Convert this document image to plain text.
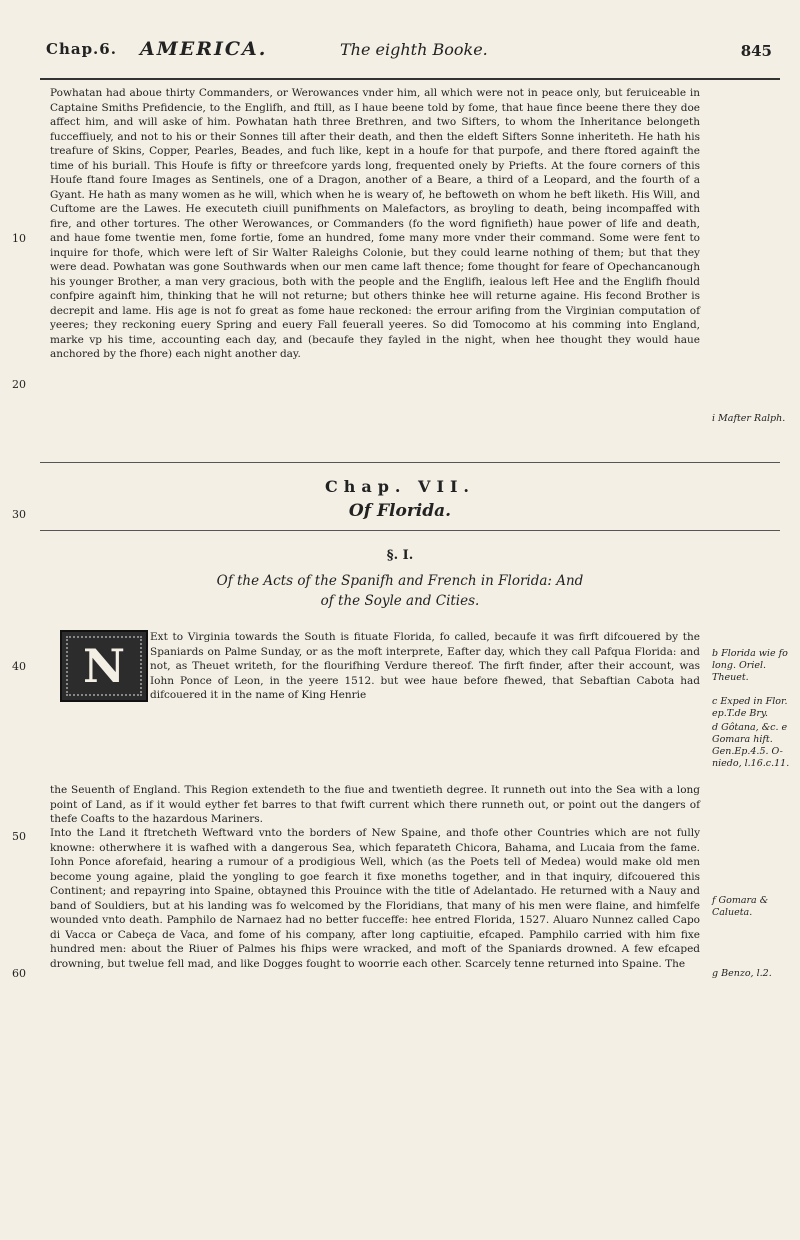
Chap.6. AMERICA.	The eighth Booke.	845
10
20
30
40
50
60
Powhatan had aboue thirty Commanders, or Werowances vnder him, all which were not in peace only, but feruiceable in Captaine Smiths Prefidencie, to the Englifh, and ftill, as I haue beene told by fome, that haue fince beene there they doe affect him, and will aske of him. Powhatan hath three Brethren, and two Sifters, to whom the Inheritance belongeth fucceffiuely, and not to his or their Sonnes till after their death, and then the eldeft Sifters Sonne inheriteth. He hath his treafure of Skins, Copper, Pearles, Beades, and fuch like, kept in a houfe for that purpofe, and there ftored againft the time of his buriall. This Houfe is fifty or threefcore yards long, frequented onely by Priefts. At the foure corners of this Houfe ftand foure Images as Sentinels, one of a Dragon, another of a Beare, a third of a Leopard, and the fourth of a Gyant. He hath as many women as he will, which when he is weary of, he beftoweth on whom he beft liketh. His Will, and Cuftome are the Lawes. He executeth ciuill punifhments on Malefactors, as broyling to death, being incompaffed with fire, and other tortures. The other Werowances, or Commanders (fo the word fignifieth) haue power of life and death, and haue fome twentie men, fome fortie, fome an hundred, fome many more vnder their command. Some were fent to inquire for thofe, which were left of Sir Walter Raleighs Colonie, but they could learne nothing of them; but that they were dead. Powhatan was gone Southwards when our men came laft thence; fome thought for feare of Opechancanough his younger Brother, a man very gracious, both with the people and the Englifh, iealous left Hee and the Englifh fhould confpire againft him, thinking that he will not returne; but others thinke hee will returne againe. His fecond Brother is decrepit and lame. His age is not fo great as fome haue reckoned: the errour arifing from the Virginian computation of yeeres; they reckoning euery Spring and euery Fall feuerall yeeres. So did Tomocomo at his comming into England, marke vp his time, accounting each day, and (becaufe they fayled in the night, when hee thought they would haue anchored by the fhore) each night another day.
Chap. VII.
Of Florida.
§. I.
Of the Acts of the Spanifh and French in Florida: And
of the Soyle and Cities.
N
Ext to Virginia towards the South is fituate Florida, fo called, becaufe it was firft difcouered by the Spaniards on Palme Sunday, or as the moft interprete, Eafter day, which they call Pafqua Florida: and not, as Theuet writeth, for the flourifhing Verdure thereof. The firft finder, after their account, was Iohn Ponce of Leon, in the yeere 1512. but wee haue before fhewed, that Sebaftian Cabota had difcouered it in the name of King Henrie
the Seuenth of England. This Region extendeth to the fiue and twentieth degree. It runneth out into the Sea with a long point of Land, as if it would eyther fet barres to that fwift current which there runneth out, or point out the dangers of thefe Coafts to the hazardous Mariners.
Into the Land it ftretcheth Weftward vnto the borders of New Spaine, and thofe other Countries which are not fully knowne: otherwhere it is wafhed with a dangerous Sea, which feparateth Chicora, Bahama, and Lucaia from the fame. Iohn Ponce aforefaid, hearing a rumour of a prodigious Well, which (as the Poets tell of Medea) would make old men become young againe, plaid the yongling to goe fearch it fixe moneths together, and in that inquiry, difcouered this Continent; and repayring into Spaine, obtayned this Prouince with the title of Adelantado. He returned with a Nauy and band of Souldiers, but at his landing was fo welcomed by the Floridians, that many of his men were flaine, and himfelfe wounded vnto death. Pamphilo de Narnaez had no better fucceffe: hee entred Florida, 1527. Aluaro Nunnez called Capo di Vacca or Cabeça de Vaca, and fome of his company, after long captiuitie, efcaped. Pamphilo carried with him fixe hundred men: about the Riuer of Palmes his fhips were wracked, and moft of the Spaniards drowned. A few efcaped drowning, but twelue fell mad, and like Dogges fought to woorrie each other. Scarcely tenne returned into Spaine. The
i Mafter Ralph.
b Florida wie fo long. Oriel. Theuet.
c Exped in Flor. ep.T.de Bry.
d Gôtana, &c. e Gomara hift. Gen.Ep.4.5. O-niedo, l.16.c.11.
f Gomara & Calueta.
g Benzo, l.2.
